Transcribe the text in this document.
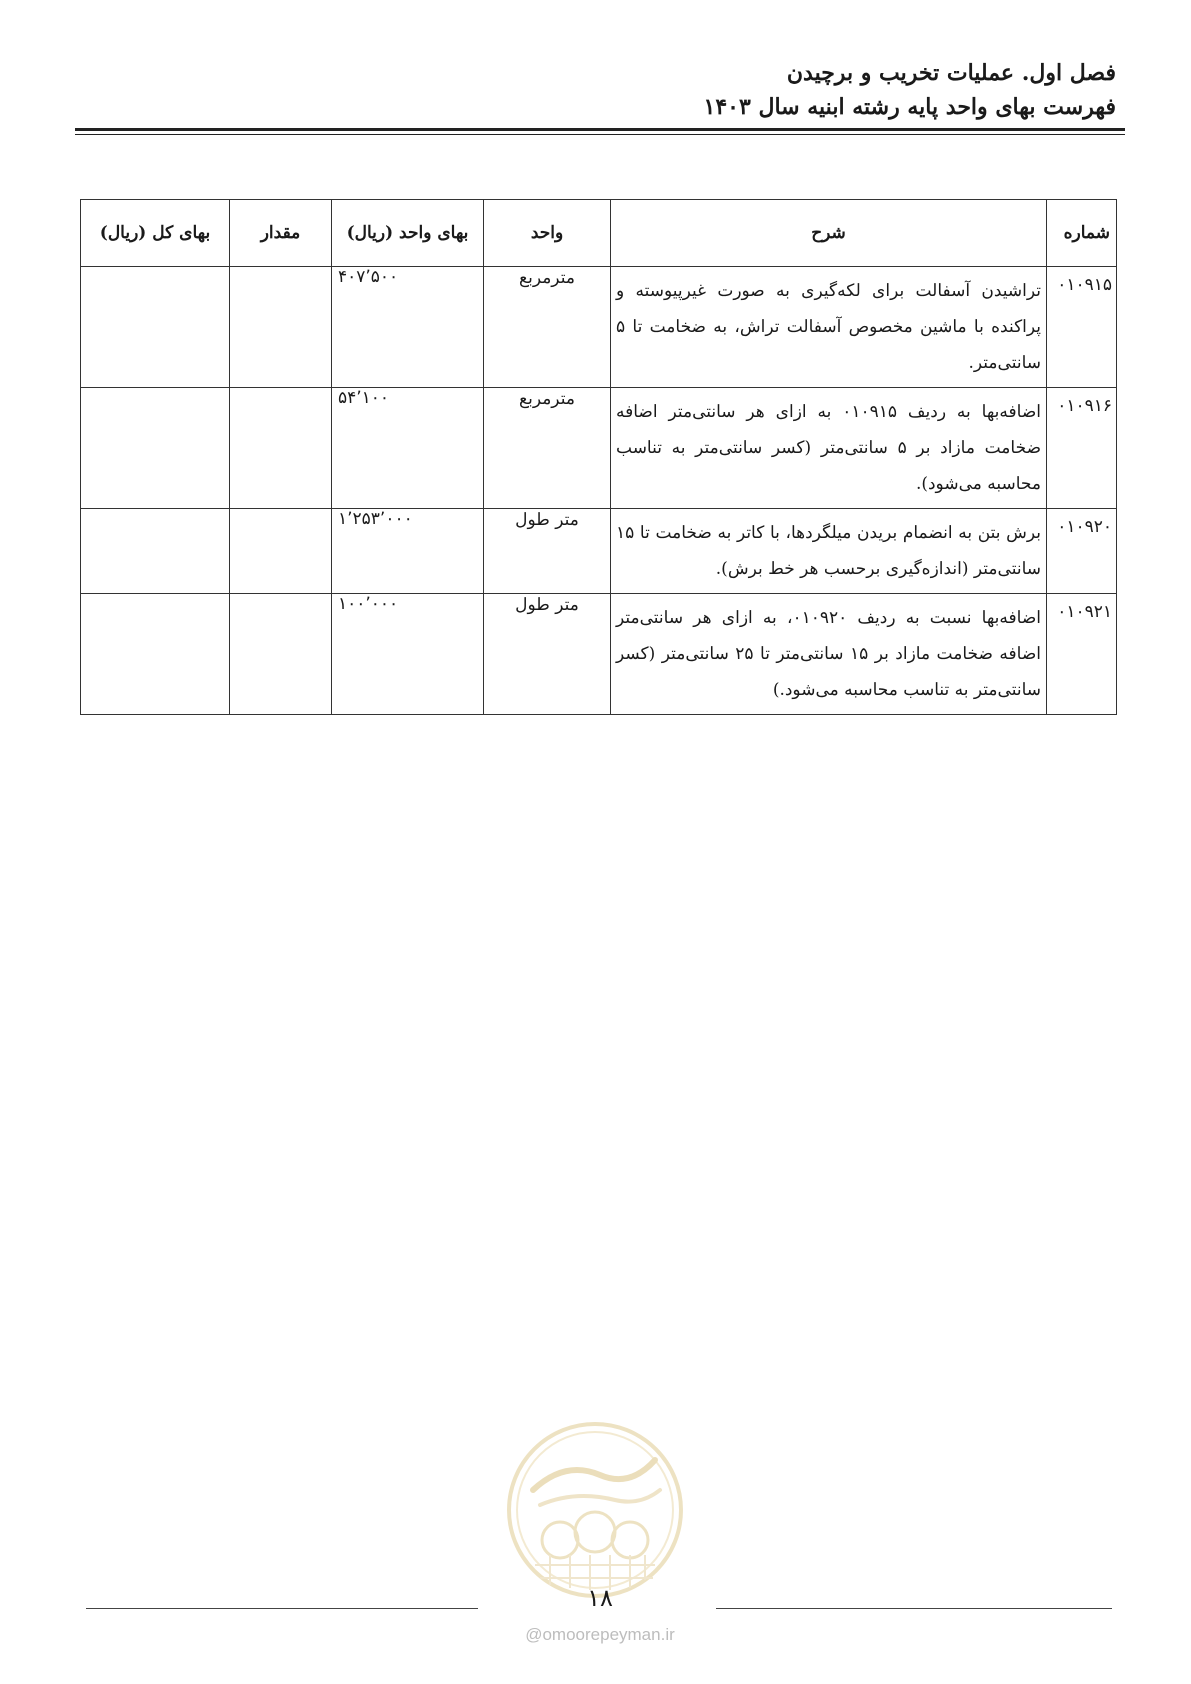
فصل اول. عملیات تخریب و برچیدن
فهرست بهای واحد پایه رشته ابنیه سال ۱۴۰۳
شماره	شرح	واحد	بهای واحد (ریال)	مقدار	بهای کل (ریال)
۰۱۰۹۱۵	تراشیدن آسفالت برای لکه‌گیری به صورت غیرپیوسته و پراکنده با ماشین مخصوص آسفالت تراش، به ضخامت تا ۵ سانتی‌متر.	مترمربع	۴۰۷٬۵۰۰		
۰۱۰۹۱۶	اضافه‌بها به ردیف ۰۱۰۹۱۵ به ازای هر سانتی‌متر اضافه ضخامت مازاد بر ۵ سانتی‌متر (کسر سانتی‌متر به تناسب محاسبه می‌شود).	مترمربع	۵۴٬۱۰۰		
۰۱۰۹۲۰	برش بتن به انضمام بریدن میلگردها، با کاتر به ضخامت تا ۱۵ سانتی‌متر (اندازه‌گیری برحسب هر خط برش).	متر طول	۱٬۲۵۳٬۰۰۰		
۰۱۰۹۲۱	اضافه‌بها نسبت به ردیف ۰۱۰۹۲۰، به ازای هر سانتی‌متر اضافه ضخامت مازاد بر ۱۵ سانتی‌متر تا ۲۵ سانتی‌متر (کسر سانتی‌متر به تناسب محاسبه می‌شود.)	متر طول	۱۰۰٬۰۰۰		
۱۸
@omoorepeyman.ir
